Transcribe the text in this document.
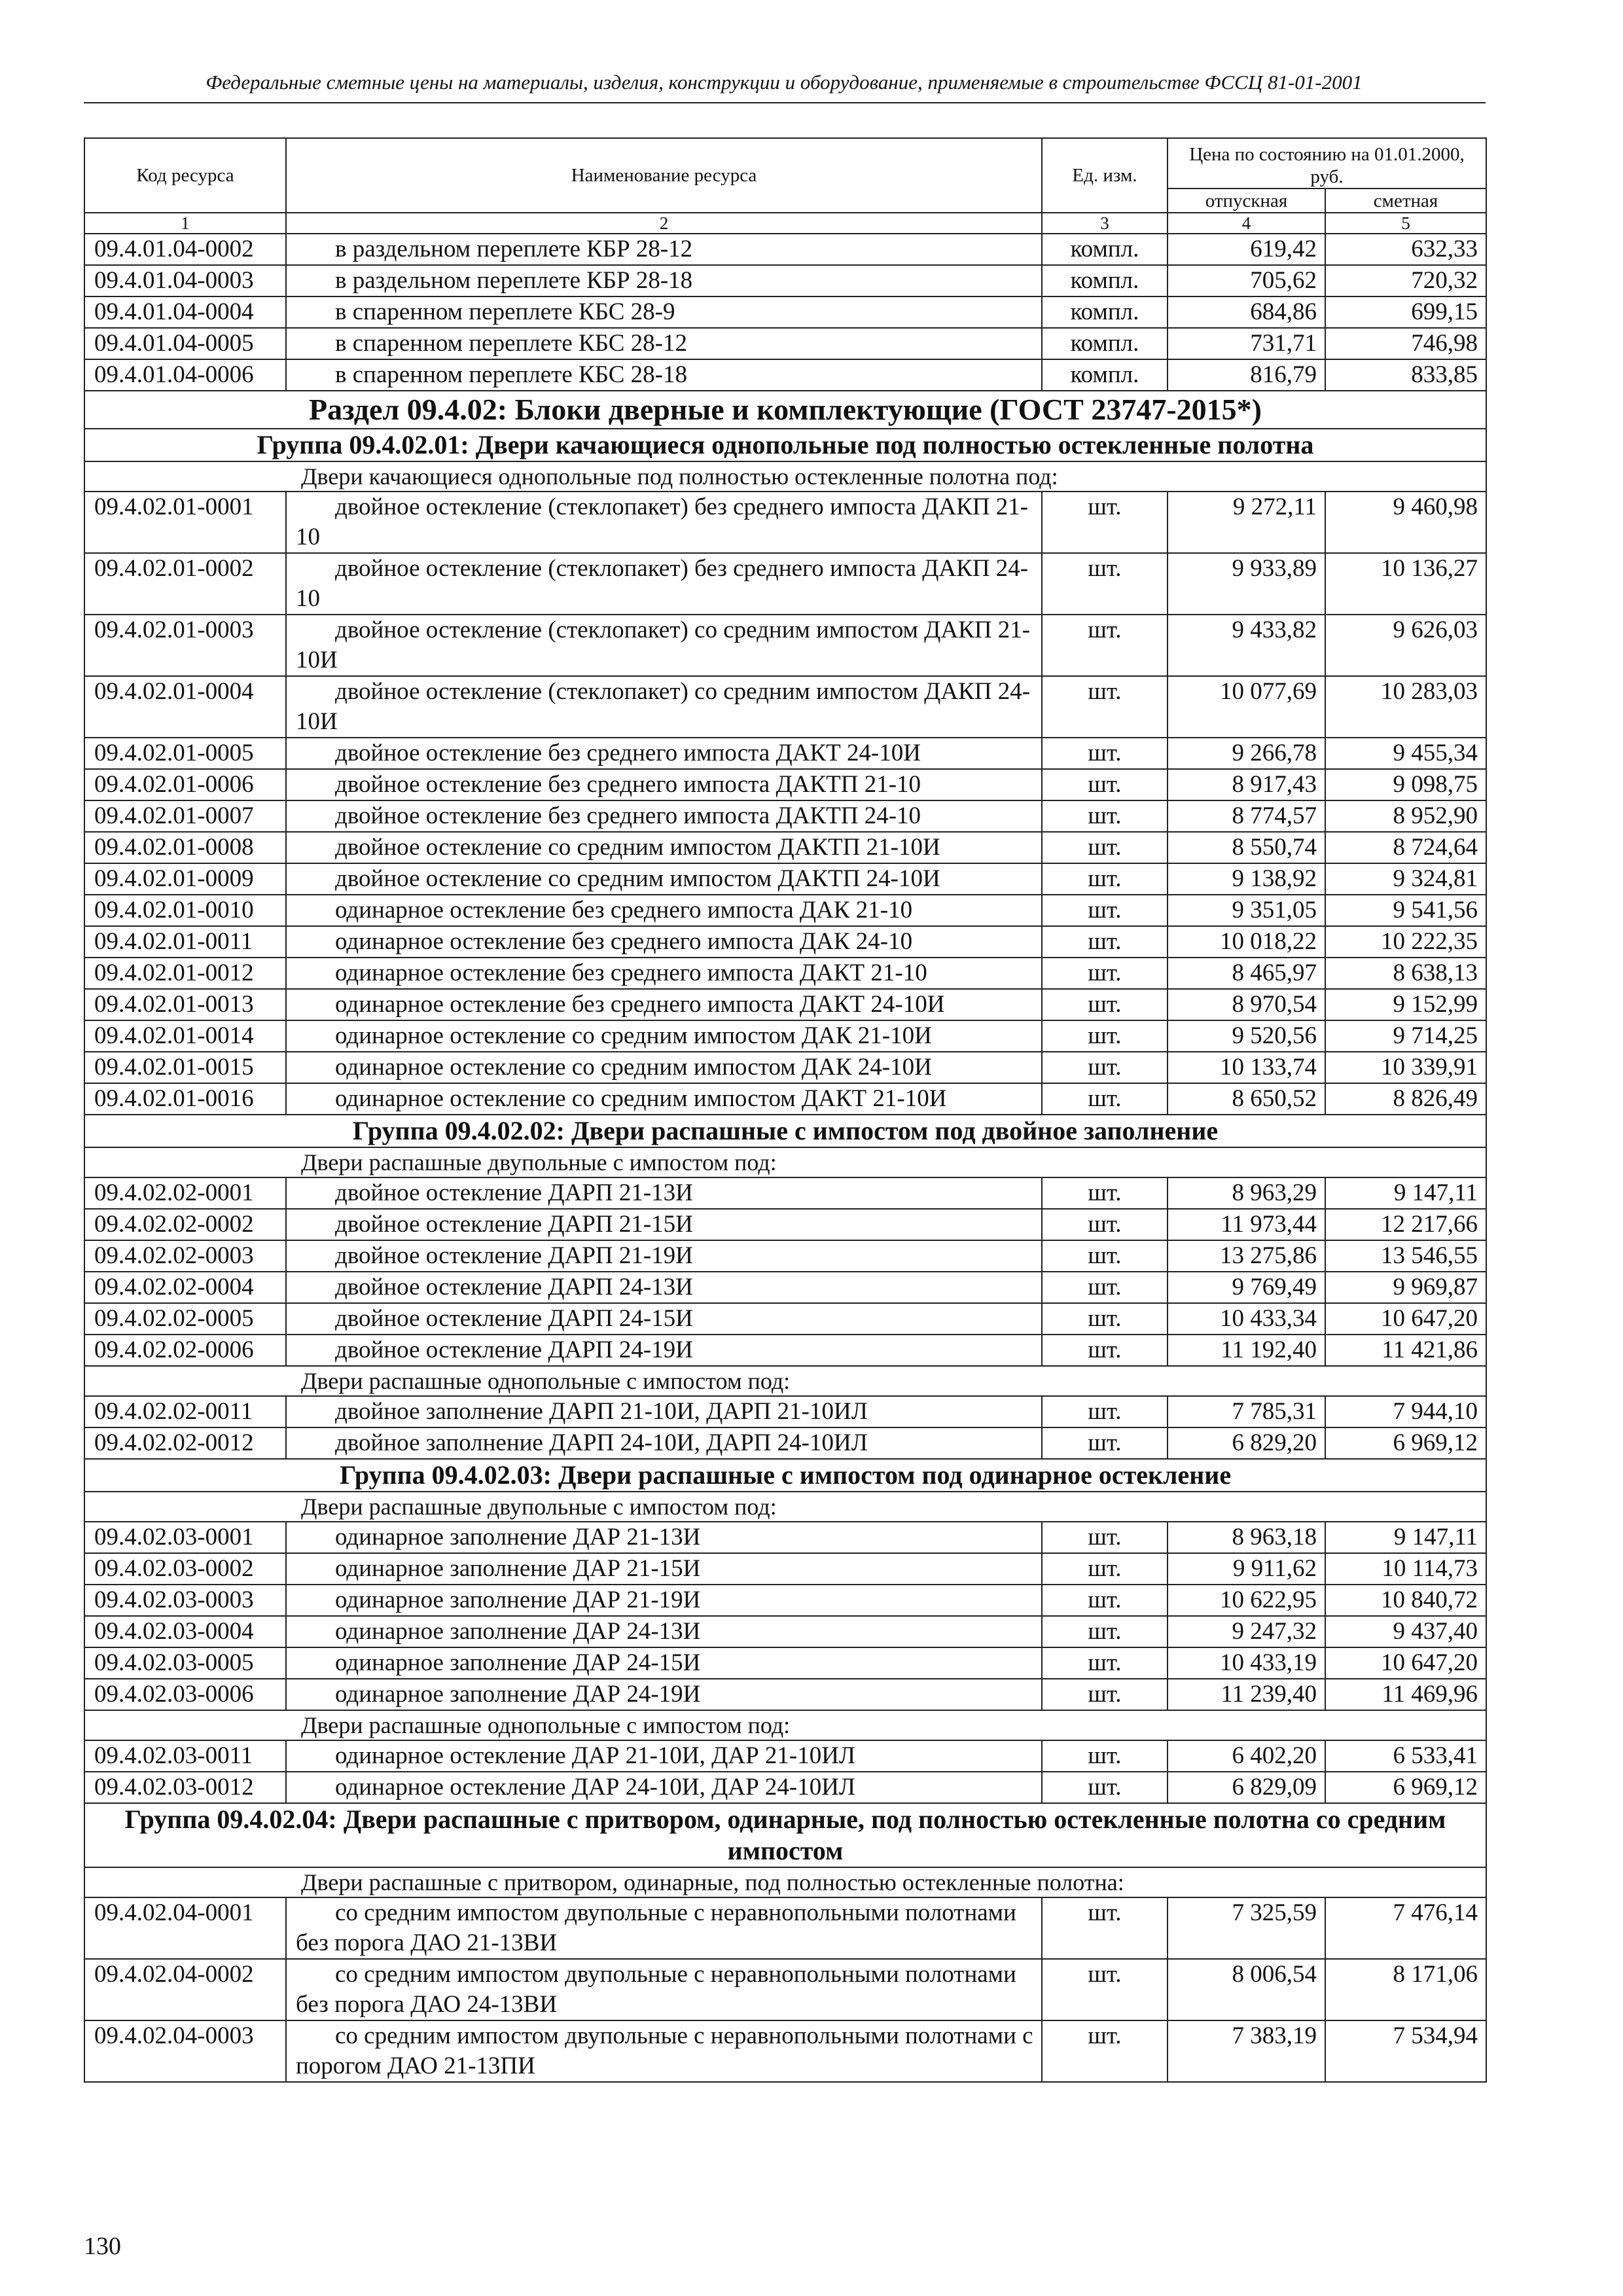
Федеральные сметные цены на материалы, изделия, конструкции и оборудование, применяемые в строительстве ФССЦ 81-01-2001
Код ресурса	Наименование ресурса	Ед. изм.	Цена по состоянию на 01.01.2000, руб.	
			отпускная	сметная
1	2	3	4	5
09.4.01.04-0002	в раздельном переплете КБР 28-12	компл.	619,42	632,33
09.4.01.04-0003	в раздельном переплете КБР 28-18	компл.	705,62	720,32
09.4.01.04-0004	в спаренном переплете КБС 28-9	компл.	684,86	699,15
09.4.01.04-0005	в спаренном переплете КБС 28-12	компл.	731,71	746,98
09.4.01.04-0006	в спаренном переплете КБС 28-18	компл.	816,79	833,85
Раздел 09.4.02: Блоки дверные и комплектующие (ГОСТ 23747-2015*)				
Группа 09.4.02.01: Двери качающиеся однопольные под полностью остекленные полотна				
Двери качающиеся однопольные под полностью остекленные полотна под:				
09.4.02.01-0001	двойное остекление (стеклопакет) без среднего импоста ДАКП 21-10	шт.	9 272,11	9 460,98
09.4.02.01-0002	двойное остекление (стеклопакет) без среднего импоста ДАКП 24-10	шт.	9 933,89	10 136,27
09.4.02.01-0003	двойное остекление (стеклопакет) со средним импостом ДАКП 21-10И	шт.	9 433,82	9 626,03
09.4.02.01-0004	двойное остекление (стеклопакет) со средним импостом ДАКП 24-10И	шт.	10 077,69	10 283,03
09.4.02.01-0005	двойное остекление без среднего импоста ДАКТ 24-10И	шт.	9 266,78	9 455,34
09.4.02.01-0006	двойное остекление без среднего импоста ДАКТП 21-10	шт.	8 917,43	9 098,75
09.4.02.01-0007	двойное остекление без среднего импоста ДАКТП 24-10	шт.	8 774,57	8 952,90
09.4.02.01-0008	двойное остекление со средним импостом ДАКТП 21-10И	шт.	8 550,74	8 724,64
09.4.02.01-0009	двойное остекление со средним импостом ДАКТП 24-10И	шт.	9 138,92	9 324,81
09.4.02.01-0010	одинарное остекление без среднего импоста ДАК 21-10	шт.	9 351,05	9 541,56
09.4.02.01-0011	одинарное остекление без среднего импоста ДАК 24-10	шт.	10 018,22	10 222,35
09.4.02.01-0012	одинарное остекление без среднего импоста ДАКТ 21-10	шт.	8 465,97	8 638,13
09.4.02.01-0013	одинарное остекление без среднего импоста ДАКТ 24-10И	шт.	8 970,54	9 152,99
09.4.02.01-0014	одинарное остекление со средним импостом ДАК 21-10И	шт.	9 520,56	9 714,25
09.4.02.01-0015	одинарное остекление со средним импостом ДАК 24-10И	шт.	10 133,74	10 339,91
09.4.02.01-0016	одинарное остекление со средним импостом ДАКТ 21-10И	шт.	8 650,52	8 826,49
Группа 09.4.02.02: Двери распашные с импостом под двойное заполнение				
Двери распашные двупольные с импостом под:				
09.4.02.02-0001	двойное остекление ДАРП 21-13И	шт.	8 963,29	9 147,11
09.4.02.02-0002	двойное остекление ДАРП 21-15И	шт.	11 973,44	12 217,66
09.4.02.02-0003	двойное остекление ДАРП 21-19И	шт.	13 275,86	13 546,55
09.4.02.02-0004	двойное остекление ДАРП 24-13И	шт.	9 769,49	9 969,87
09.4.02.02-0005	двойное остекление ДАРП 24-15И	шт.	10 433,34	10 647,20
09.4.02.02-0006	двойное остекление ДАРП 24-19И	шт.	11 192,40	11 421,86
Двери распашные однопольные с импостом под:				
09.4.02.02-0011	двойное заполнение ДАРП 21-10И, ДАРП 21-10ИЛ	шт.	7 785,31	7 944,10
09.4.02.02-0012	двойное заполнение ДАРП 24-10И, ДАРП 24-10ИЛ	шт.	6 829,20	6 969,12
Группа 09.4.02.03: Двери распашные с импостом под одинарное остекление				
Двери распашные двупольные с импостом под:				
09.4.02.03-0001	одинарное заполнение ДАР 21-13И	шт.	8 963,18	9 147,11
09.4.02.03-0002	одинарное заполнение ДАР 21-15И	шт.	9 911,62	10 114,73
09.4.02.03-0003	одинарное заполнение ДАР 21-19И	шт.	10 622,95	10 840,72
09.4.02.03-0004	одинарное заполнение ДАР 24-13И	шт.	9 247,32	9 437,40
09.4.02.03-0005	одинарное заполнение ДАР 24-15И	шт.	10 433,19	10 647,20
09.4.02.03-0006	одинарное заполнение ДАР 24-19И	шт.	11 239,40	11 469,96
Двери распашные однопольные с импостом под:				
09.4.02.03-0011	одинарное остекление ДАР 21-10И, ДАР 21-10ИЛ	шт.	6 402,20	6 533,41
09.4.02.03-0012	одинарное остекление ДАР 24-10И, ДАР 24-10ИЛ	шт.	6 829,09	6 969,12
Группа 09.4.02.04: Двери распашные с притвором, одинарные, под полностью остекленные полотна со средним импостом				
Двери распашные с притвором, одинарные, под полностью остекленные полотна:				
09.4.02.04-0001	со средним импостом двупольные с неравнопольными полотнами без порога ДАО 21-13ВИ	шт.	7 325,59	7 476,14
09.4.02.04-0002	со средним импостом двупольные с неравнопольными полотнами без порога ДАО 24-13ВИ	шт.	8 006,54	8 171,06
09.4.02.04-0003	со средним импостом двупольные с неравнопольными полотнами с порогом ДАО 21-13ПИ	шт.	7 383,19	7 534,94
130
